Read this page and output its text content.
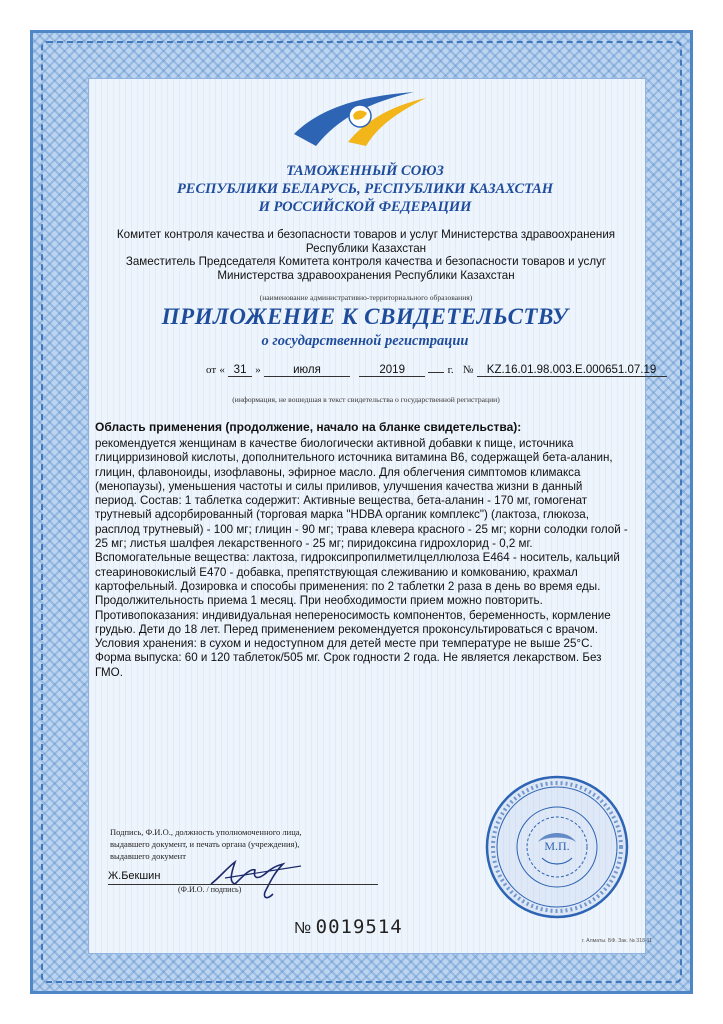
ТАМОЖЕННЫЙ СОЮЗ
РЕСПУБЛИКИ БЕЛАРУСЬ, РЕСПУБЛИКИ КАЗАХСТАН
И РОССИЙСКОЙ ФЕДЕРАЦИИ
Комитет контроля качества и безопасности товаров и услуг Министерства здравоохранения
Республики Казахстан
Заместитель Председателя Комитета контроля качества и безопасности товаров и услуг
Министерства здравоохранения Республики Казахстан
(наименование административно-территориального образования)
ПРИЛОЖЕНИЕ К СВИДЕТЕЛЬСТВУ
о государственной регистрации
от « 31 »	июля	2019	г. № KZ.16.01.98.003.E.000651.07.19
(информация, не вошедшая в текст свидетельства о государственной регистрации)
Область применения (продолжение, начало на бланке свидетельства):

рекомендуется женщинам в качестве биологически активной добавки к пище, источника

глицирризиновой кислоты, дополнительного источника витамина B6, содержащей бета-аланин,

глицин, флавоноиды, изофлавоны, эфирное масло. Для облегчения симптомов климакса

(менопаузы), уменьшения частоты и силы приливов, улучшения качества жизни в данный

период. Состав: 1 таблетка содержит: Активные вещества, бета-аланин - 170 мг, гомогенат

трутневый адсорбированный (торговая марка "HDBA органик комплекс") (лактоза, глюкоза,

расплод трутневый) - 100 мг; глицин - 90 мг; трава клевера красного - 25 мг; корни солодки голой -

25 мг; листья шалфея лекарственного - 25 мг; пиридоксина гидрохлорид - 0,2 мг.

Вспомогательные вещества: лактоза, гидроксипропилметилцеллюлоза Е464 - носитель, кальций

стеариновокислый Е470 - добавка, препятствующая слеживанию и комкованию, крахмал

картофельный. Дозировка и способы применения: по 2 таблетки 2 раза в день во время еды.

Продолжительность приема 1 месяц. При необходимости прием можно повторить.

Противопоказания: индивидуальная непереносимость компонентов, беременность, кормление

грудью. Дети до 18 лет. Перед применением рекомендуется проконсультироваться с врачом.

Условия хранения: в сухом и недоступном для детей месте при температуре не выше 25°C.

Форма выпуска: 60 и 120 таблеток/505 мг. Срок годности 2 года. Не является лекарством. Без

ГМО.

Подпись, Ф.И.О., должность уполномоченного лица,
выдавшего документ, и печать органа (учреждения),
выдавшего документ
Ж.Бекшин
(Ф.И.О. / подпись)
М.П.
№ 0019514
г. Алматы. БФ. Зак. № 318-11
